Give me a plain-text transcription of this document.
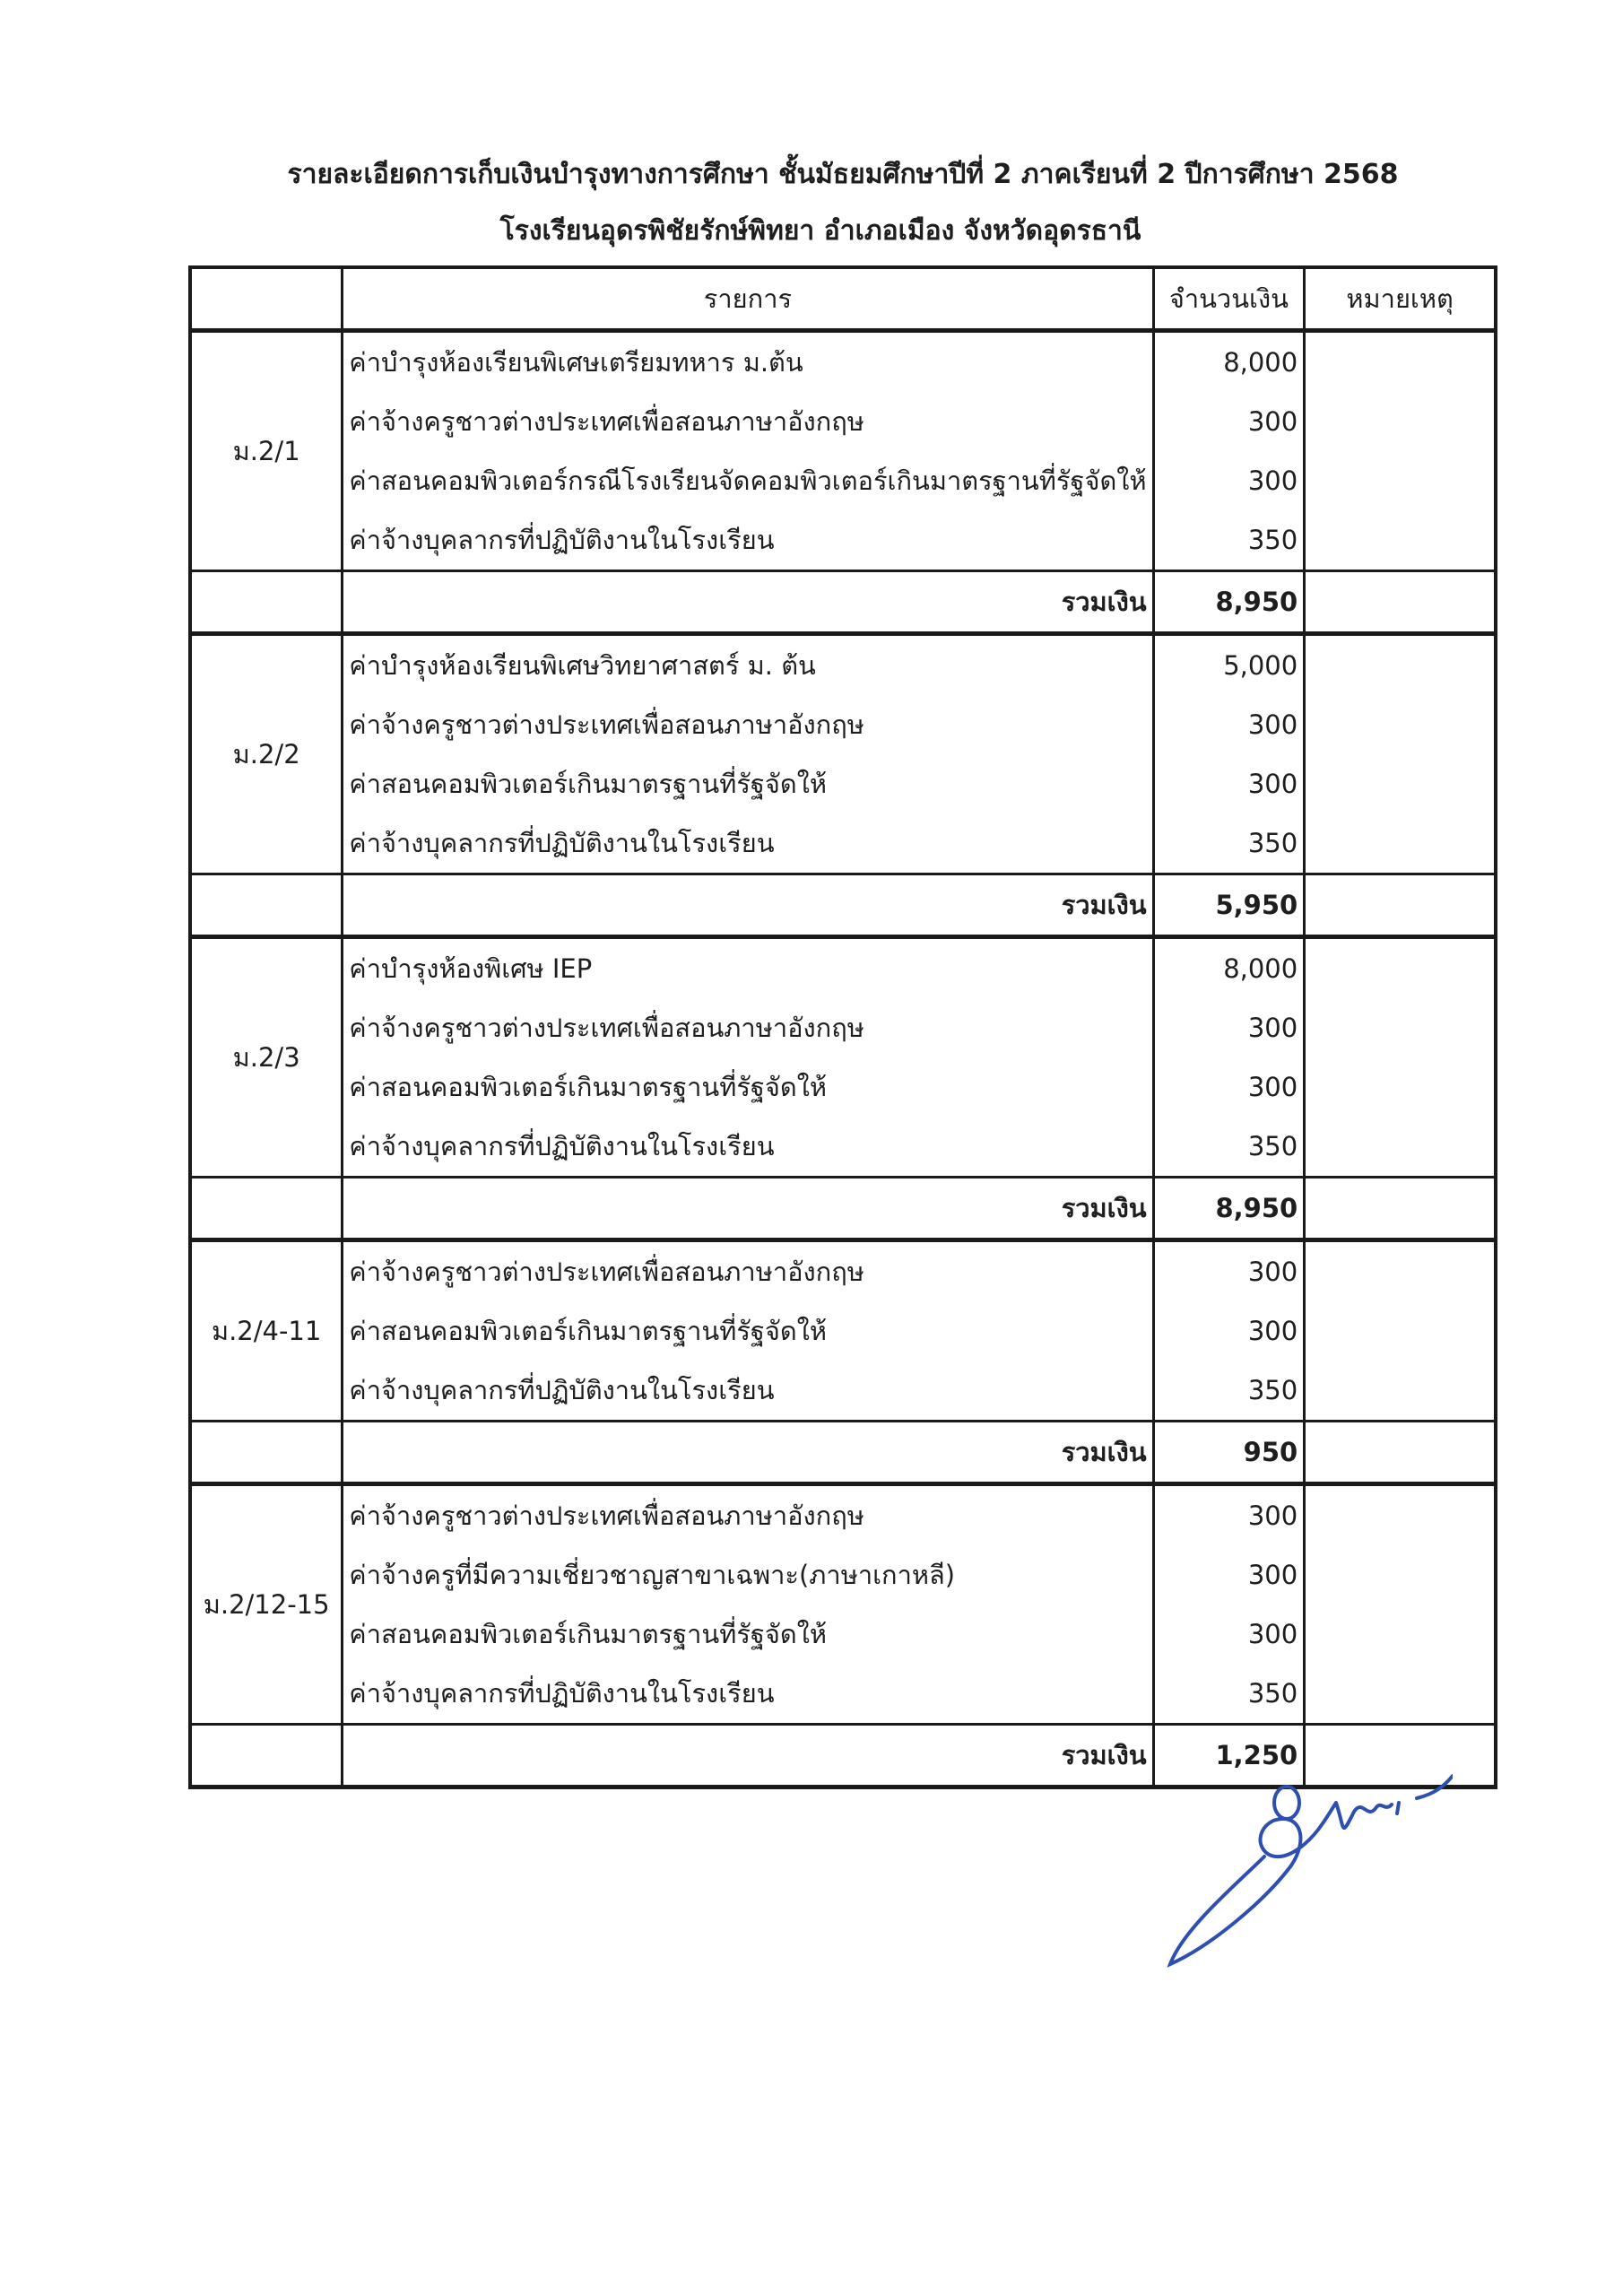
รายละเอียดการเก็บเงินบำรุงทางการศึกษา ชั้นมัธยมศึกษาปีที่ 2 ภาคเรียนที่ 2 ปีการศึกษา 2568
โรงเรียนอุดรพิชัยรักษ์พิทยา อำเภอเมือง จังหวัดอุดรธานี
	รายการ	จำนวนเงิน	หมายเหตุ
ม.2/1	ค่าบำรุงห้องเรียนพิเศษเตรียมทหาร ม.ต้น	8,000	
	ค่าจ้างครูชาวต่างประเทศเพื่อสอนภาษาอังกฤษ	300	
	ค่าสอนคอมพิวเตอร์กรณีโรงเรียนจัดคอมพิวเตอร์เกินมาตรฐานที่รัฐจัดให้	300	
	ค่าจ้างบุคลากรที่ปฏิบัติงานในโรงเรียน	350	
	รวมเงิน	8,950	
ม.2/2	ค่าบำรุงห้องเรียนพิเศษวิทยาศาสตร์ ม. ต้น	5,000	
	ค่าจ้างครูชาวต่างประเทศเพื่อสอนภาษาอังกฤษ	300	
	ค่าสอนคอมพิวเตอร์เกินมาตรฐานที่รัฐจัดให้	300	
	ค่าจ้างบุคลากรที่ปฏิบัติงานในโรงเรียน	350	
	รวมเงิน	5,950	
ม.2/3	ค่าบำรุงห้องพิเศษ IEP	8,000	
	ค่าจ้างครูชาวต่างประเทศเพื่อสอนภาษาอังกฤษ	300	
	ค่าสอนคอมพิวเตอร์เกินมาตรฐานที่รัฐจัดให้	300	
	ค่าจ้างบุคลากรที่ปฏิบัติงานในโรงเรียน	350	
	รวมเงิน	8,950	
ม.2/4-11	ค่าจ้างครูชาวต่างประเทศเพื่อสอนภาษาอังกฤษ	300	
	ค่าสอนคอมพิวเตอร์เกินมาตรฐานที่รัฐจัดให้	300	
	ค่าจ้างบุคลากรที่ปฏิบัติงานในโรงเรียน	350	
	รวมเงิน	950	
ม.2/12-15	ค่าจ้างครูชาวต่างประเทศเพื่อสอนภาษาอังกฤษ	300	
	ค่าจ้างครูที่มีความเชี่ยวชาญสาขาเฉพาะ(ภาษาเกาหลี)	300	
	ค่าสอนคอมพิวเตอร์เกินมาตรฐานที่รัฐจัดให้	300	
	ค่าจ้างบุคลากรที่ปฏิบัติงานในโรงเรียน	350	
	รวมเงิน	1,250	
